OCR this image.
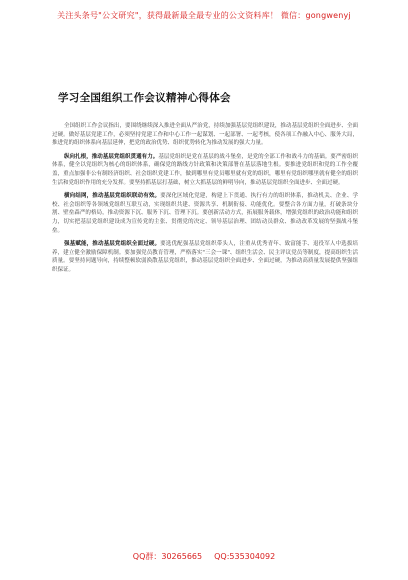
关注头条号"公文研究"，获得最新最全最专业的公文资料库！ 微信：gongwenyj
学习全国组织工作会议精神心得体会

全国组织工作会议指出，要围绕继续深入推进全面从严治党，持续加强基层党组织建设，推动基层党组织全面进步、全面过硬。做好基层党建工作，必须坚持党建工作和中心工作一起谋划、一起部署、一起考核，使各项工作融入中心、服务大局，推进党的组织体系向基层延伸，把党的政治优势、组织优势转化为推动发展的强大力量。

纵向扎根，推动基层党组织贯通有力。基层党组织是党在基层的战斗堡垒，是党的全部工作和战斗力的基础。要严密组织体系，健全以党组织为核心的组织体系，确保党的路线方针政策和决策部署在基层落地生根。要推进党组织和党的工作全覆盖，重点加强非公有制经济组织、社会组织党建工作，做到哪里有党员哪里就有党的组织，哪里有党组织哪里就有健全的组织生活和党组织作用的充分发挥。要坚持抓基层打基础，树立大抓基层的鲜明导向，推动基层党组织全面进步、全面过硬。

横向结网，推动基层党组织联动有效。要深化区域化党建，构建上下贯通、执行有力的组织体系，推动机关、企业、学校、社会组织等各领域党组织互联互动，实现组织共建、资源共享、机制衔接、功能优化。要整合各方面力量，打破条块分割、壁垒森严的格局，推动资源下沉、服务下沉、管理下沉。要创新活动方式，拓展服务载体，增强党组织的政治功能和组织力，切实把基层党组织建设成为宣传党的主张、贯彻党的决定、领导基层治理、团结动员群众、推动改革发展的坚强战斗堡垒。

强基赋能，推动基层党组织全面过硬。要选优配强基层党组织带头人，注重从优秀青年、致富能手、退役军人中选拔培养，建立健全激励保障机制。要加强党员教育管理，严格落实"三会一课"、组织生活会、民主评议党员等制度，提高组织生活质量。要坚持问题导向，持续整顿软弱涣散基层党组织，推动基层党组织全面进步、全面过硬，为推动高质量发展提供坚强组织保证。

QQ群：30265665 QQ:535304092
